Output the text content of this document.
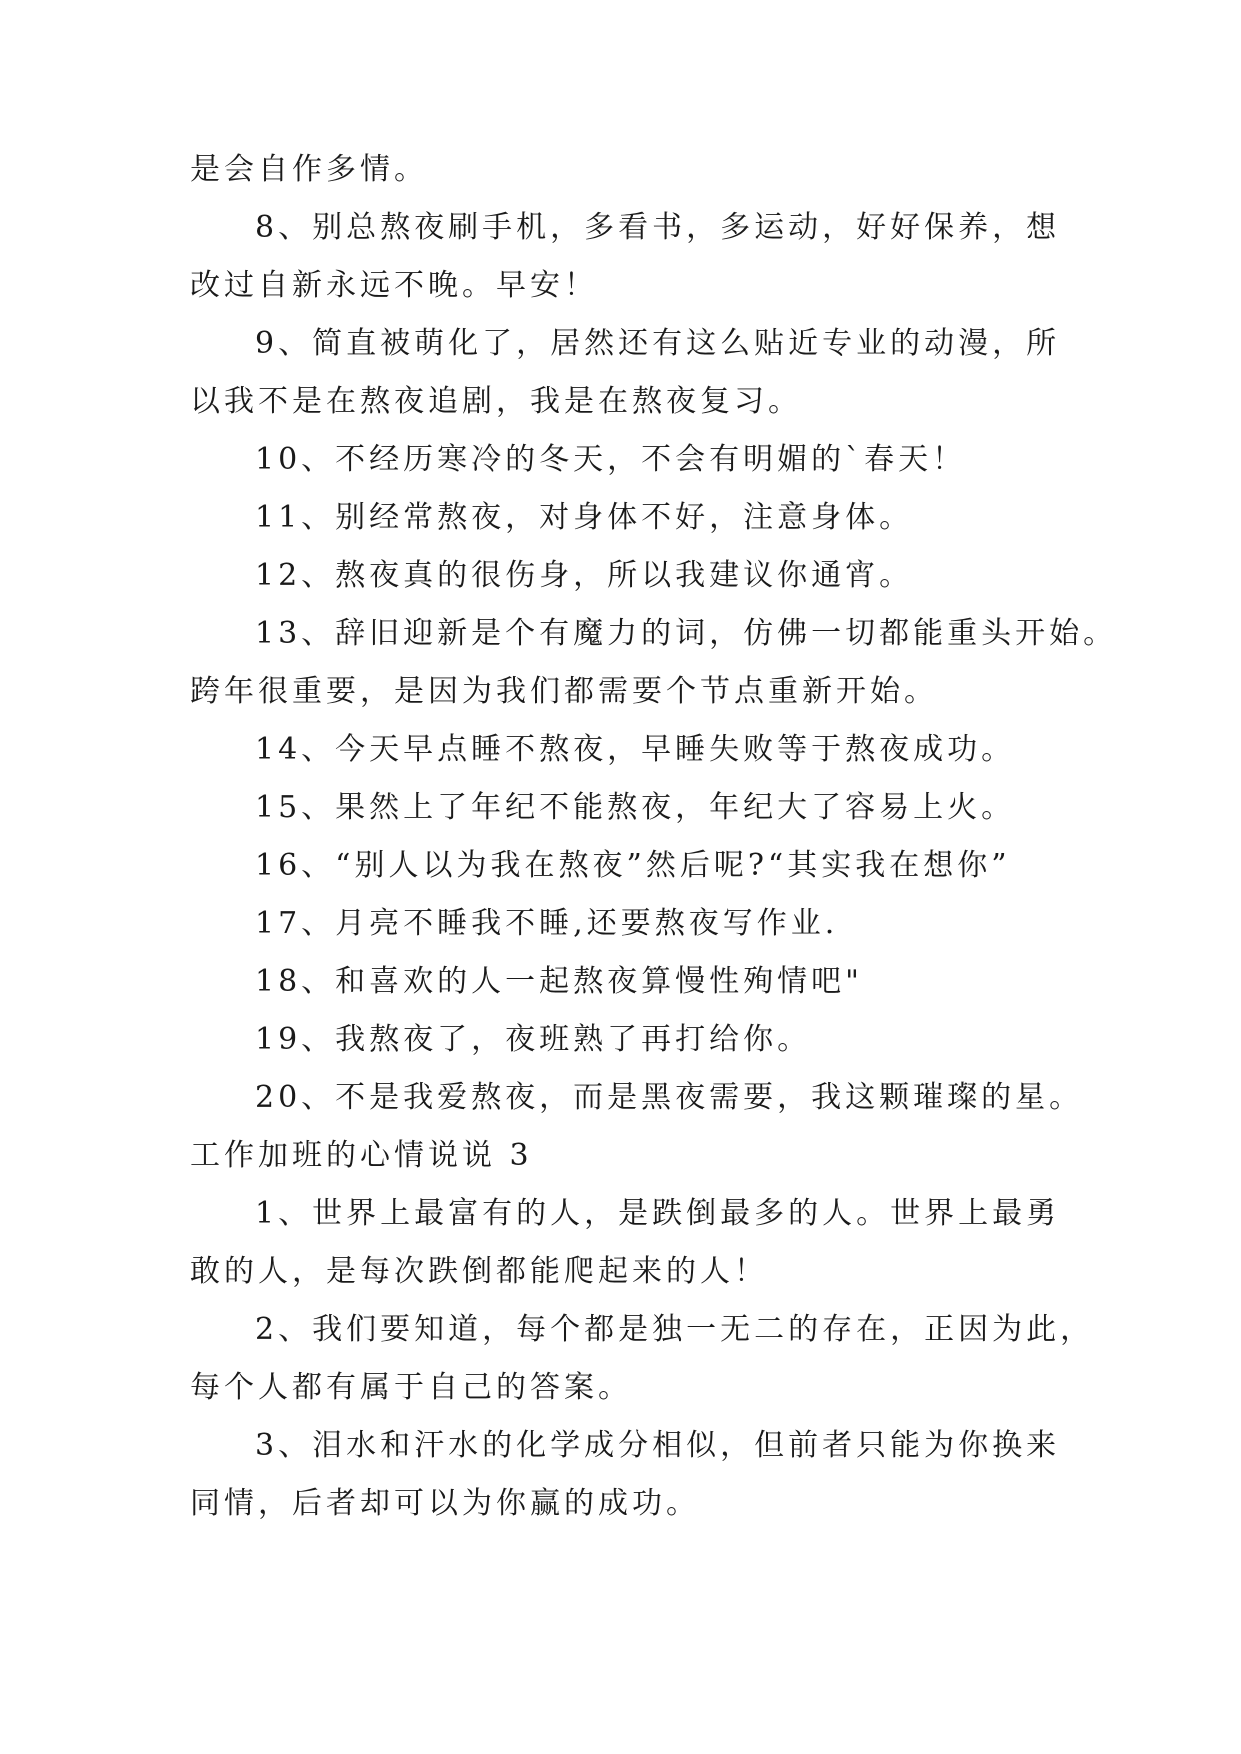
是会自作多情。
8、别总熬夜刷手机，多看书，多运动，好好保养，想
改过自新永远不晚。早安！
9、简直被萌化了，居然还有这么贴近专业的动漫，所
以我不是在熬夜追剧，我是在熬夜复习。
10、不经历寒冷的冬天，不会有明媚的`春天！
11、别经常熬夜，对身体不好，注意身体。
12、熬夜真的很伤身，所以我建议你通宵。
13、辞旧迎新是个有魔力的词，仿佛一切都能重头开始。
跨年很重要，是因为我们都需要个节点重新开始。
14、今天早点睡不熬夜，早睡失败等于熬夜成功。
15、果然上了年纪不能熬夜，年纪大了容易上火。
16、“别人以为我在熬夜”然后呢?“其实我在想你”
17、月亮不睡我不睡,还要熬夜写作业.
18、和喜欢的人一起熬夜算慢性殉情吧"
19、我熬夜了，夜班熟了再打给你。
20、不是我爱熬夜，而是黑夜需要，我这颗璀璨的星。
工作加班的心情说说 3
1、世界上最富有的人，是跌倒最多的人。世界上最勇
敢的人，是每次跌倒都能爬起来的人！
2、我们要知道，每个都是独一无二的存在，正因为此，
每个人都有属于自己的答案。
3、泪水和汗水的化学成分相似，但前者只能为你换来
同情，后者却可以为你赢的成功。
